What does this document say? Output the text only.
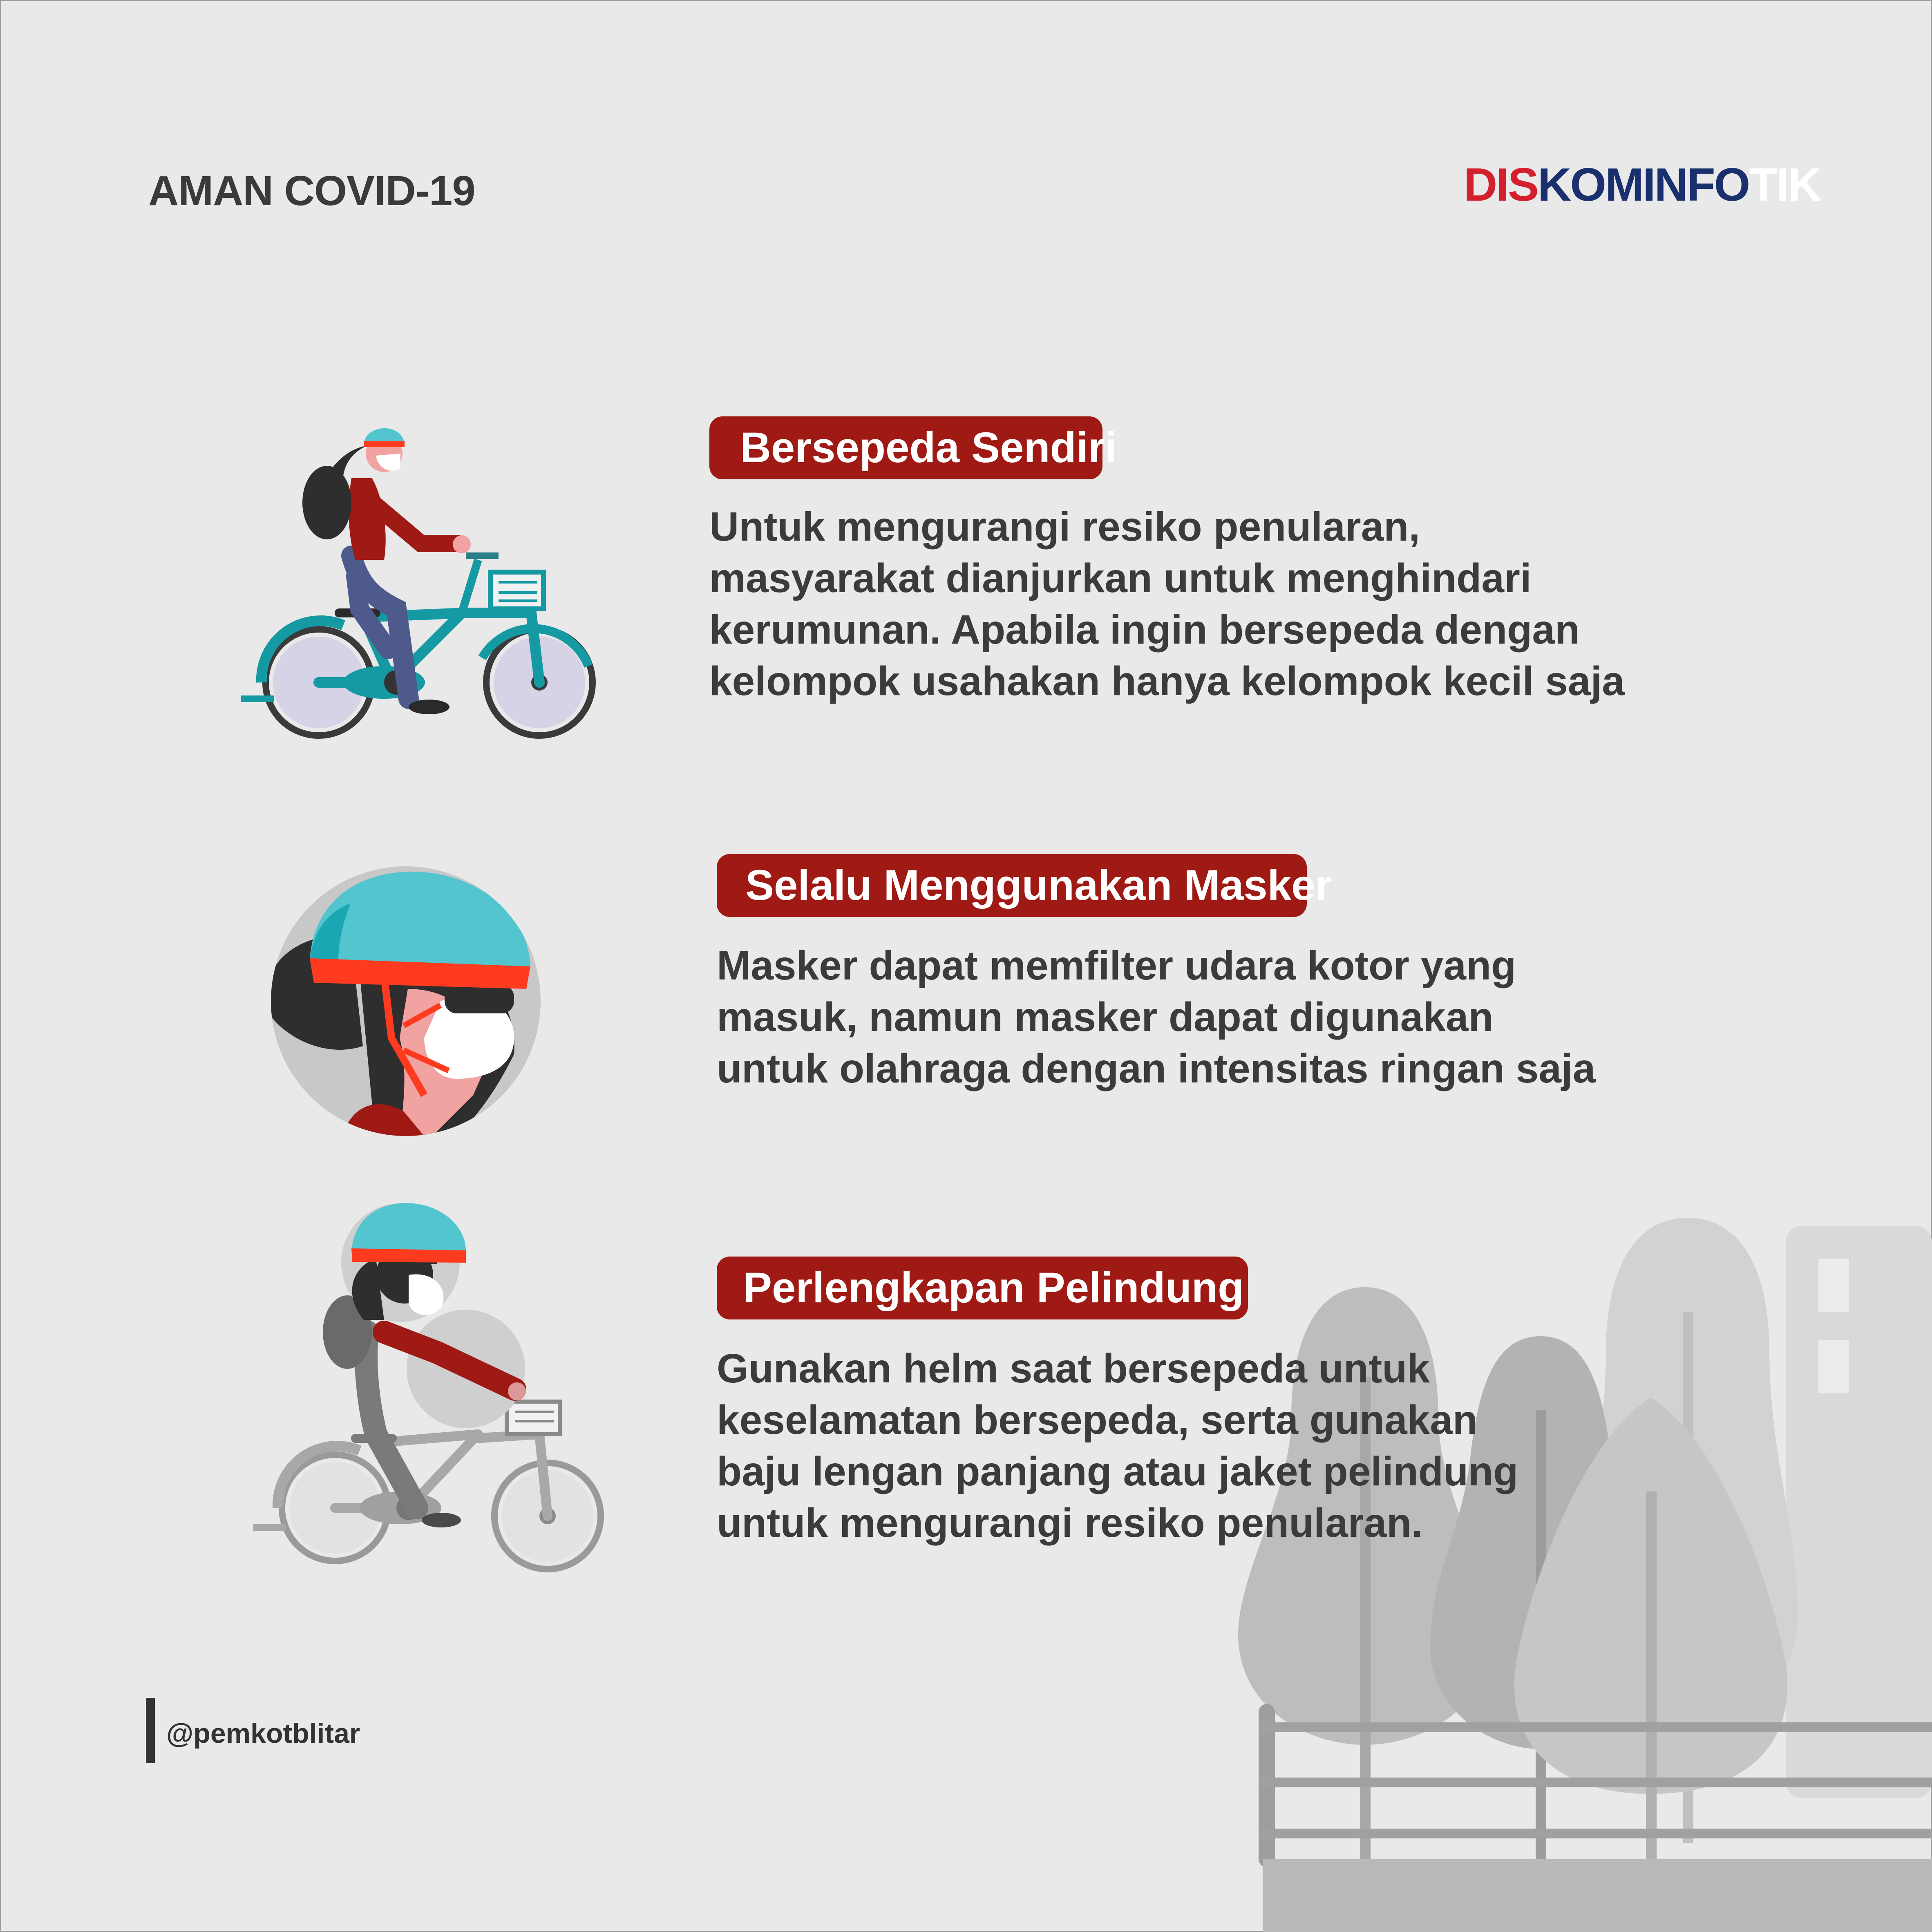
AMAN COVID-19	DISKOMINFOTIK
Bersepeda Sendiri
Untuk mengurangi resiko penularan,
masyarakat dianjurkan untuk menghindari
kerumunan. Apabila ingin bersepeda dengan
kelompok usahakan hanya kelompok kecil saja
Selalu Menggunakan Masker
Masker dapat memfilter udara kotor yang
masuk, namun masker dapat digunakan
untuk olahraga dengan intensitas ringan saja
Perlengkapan Pelindung
Gunakan helm saat bersepeda untuk
keselamatan bersepeda, serta gunakan
baju lengan panjang atau jaket pelindung
untuk mengurangi resiko penularan.
@pemkotblitar
